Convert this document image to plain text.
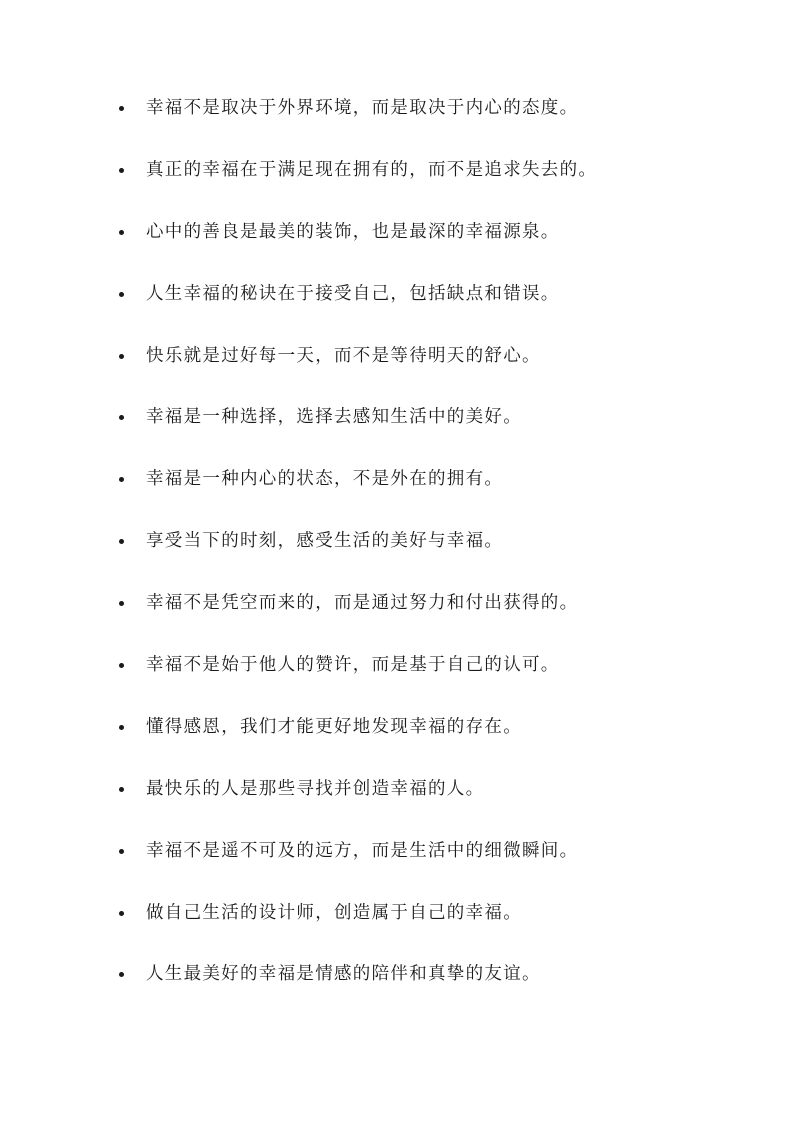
幸福不是取决于外界环境，而是取决于内心的态度。
真正的幸福在于满足现在拥有的，而不是追求失去的。
心中的善良是最美的装饰，也是最深的幸福源泉。
人生幸福的秘诀在于接受自己，包括缺点和错误。
快乐就是过好每一天，而不是等待明天的舒心。
幸福是一种选择，选择去感知生活中的美好。
幸福是一种内心的状态，不是外在的拥有。
享受当下的时刻，感受生活的美好与幸福。
幸福不是凭空而来的，而是通过努力和付出获得的。
幸福不是始于他人的赞许，而是基于自己的认可。
懂得感恩，我们才能更好地发现幸福的存在。
最快乐的人是那些寻找并创造幸福的人。
幸福不是遥不可及的远方，而是生活中的细微瞬间。
做自己生活的设计师，创造属于自己的幸福。
人生最美好的幸福是情感的陪伴和真挚的友谊。
